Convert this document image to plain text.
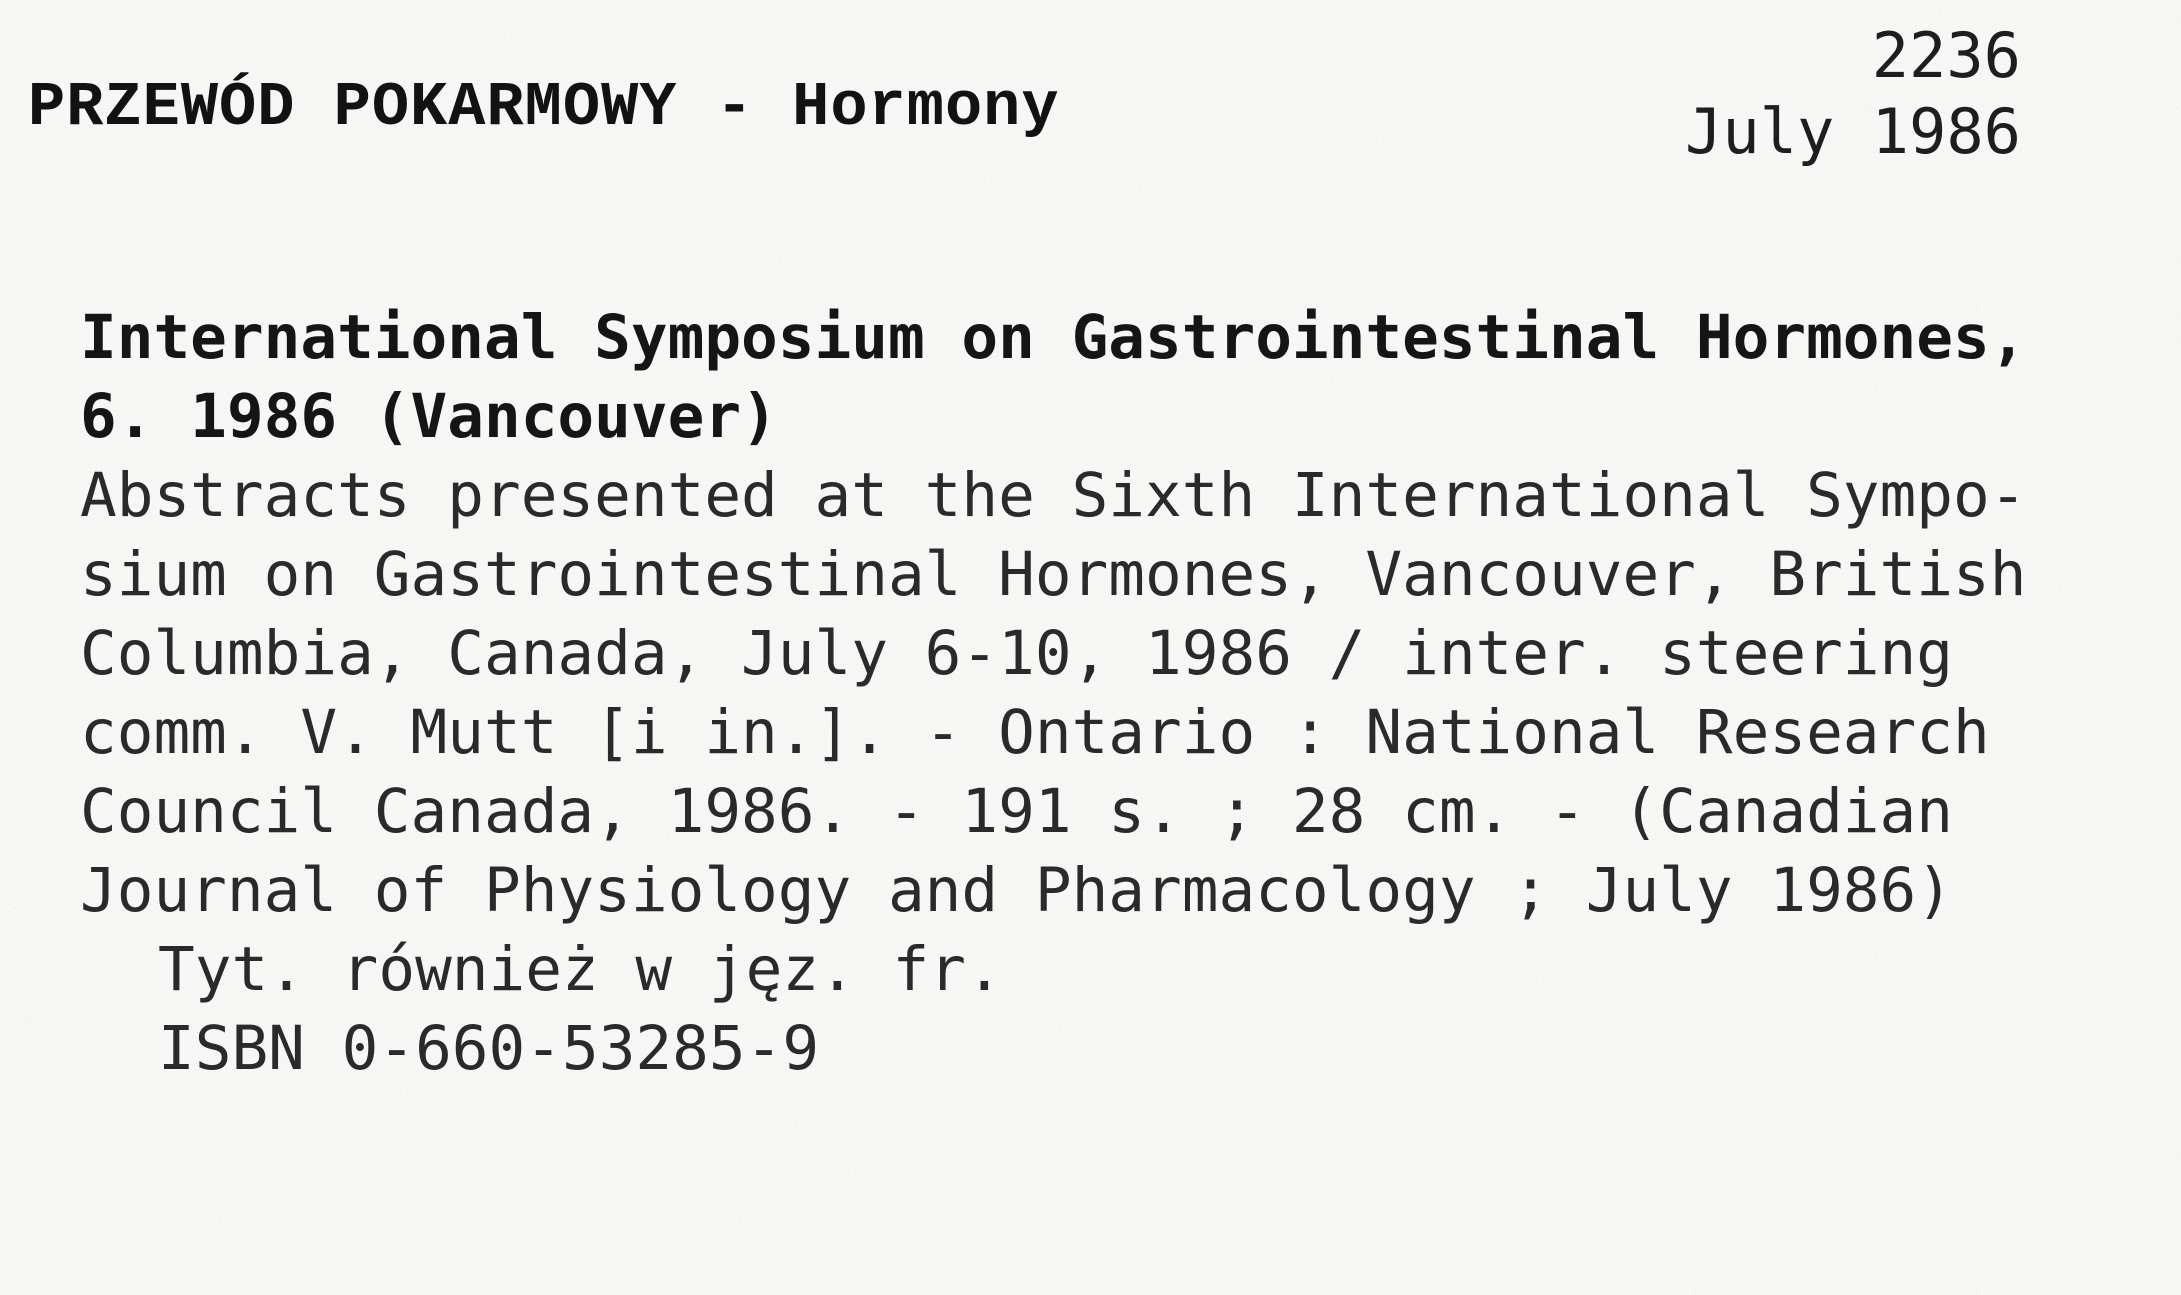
PRZEWÓD POKARMOWY - Hormony
2236
July 1986
International Symposium on Gastrointestinal Hormones,
6. 1986 (Vancouver)
Abstracts presented at the Sixth International Sympo-
sium on Gastrointestinal Hormones, Vancouver, British
Columbia, Canada, July 6-10, 1986 / inter. steering
comm. V. Mutt [i in.]. - Ontario : National Research
Council Canada, 1986. - 191 s. ; 28 cm. - (Canadian
Journal of Physiology and Pharmacology ; July 1986)
Tyt. również w jęz. fr.
ISBN 0-660-53285-9
